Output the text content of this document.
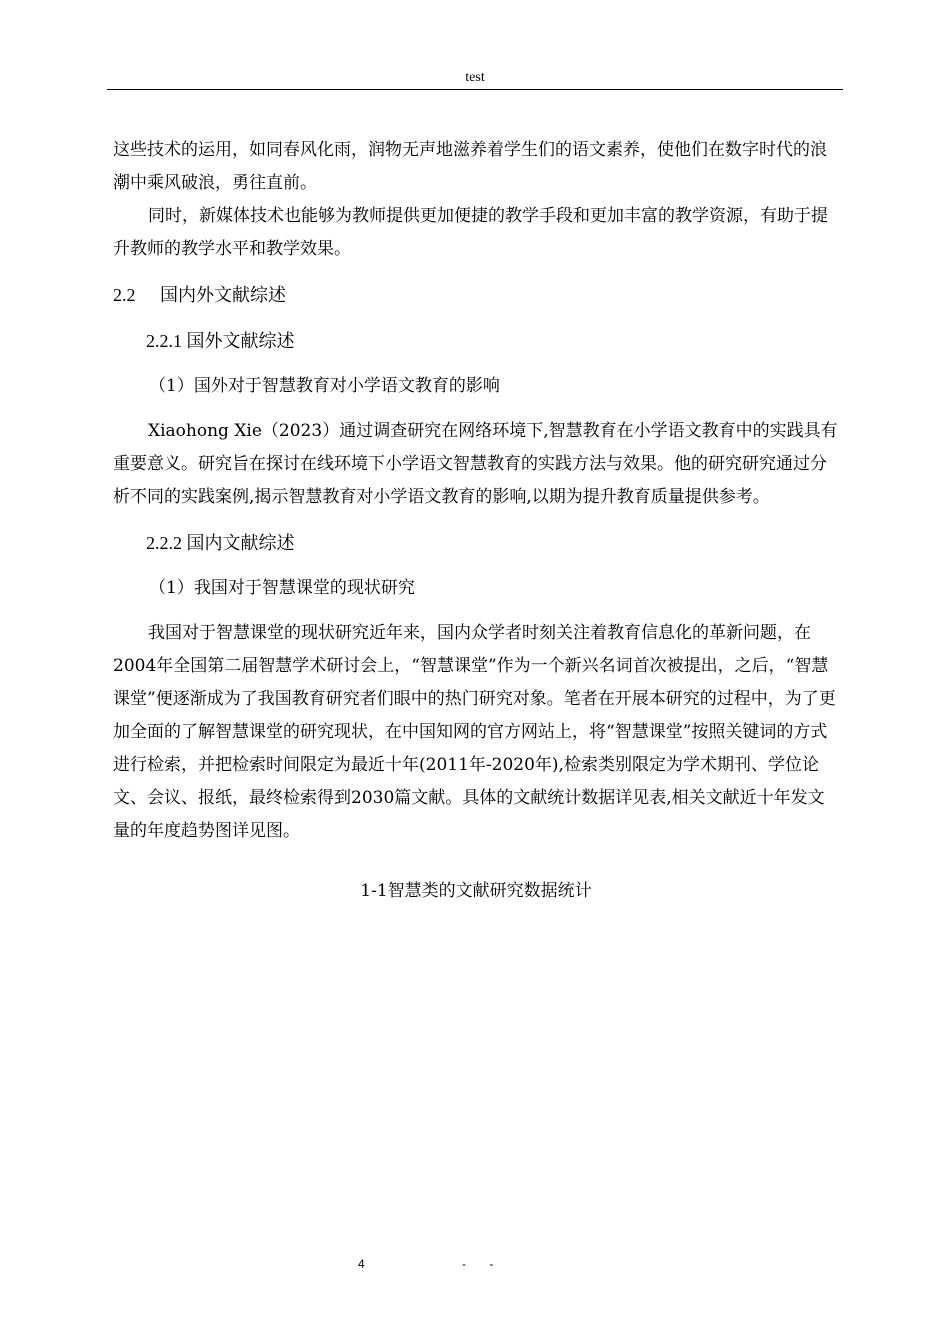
test

这些技术的运用，如同春风化雨，润物无声地滋养着学生们的语文素养，使他们在数字时代的浪潮中乘风破浪，勇往直前。

同时，新媒体技术也能够为教师提供更加便捷的教学手段和更加丰富的教学资源，有助于提升教师的教学水平和教学效果。

2.2 国内外文献综述

2.2.1 国外文献综述

（1）国外对于智慧教育对小学语文教育的影响

Xiaohong Xie（2023）通过调查研究在网络环境下,智慧教育在小学语文教育中的实践具有重要意义。研究旨在探讨在线环境下小学语文智慧教育的实践方法与效果。他的研究研究通过分析不同的实践案例,揭示智慧教育对小学语文教育的影响,以期为提升教育质量提供参考。

2.2.2 国内文献综述

（1）我国对于智慧课堂的现状研究

我国对于智慧课堂的现状研究近年来，国内众学者时刻关注着教育信息化的革新问题，在2004年全国第二届智慧学术研讨会上，“智慧课堂”作为一个新兴名词首次被提出，之后，“智慧课堂”便逐渐成为了我国教育研究者们眼中的热门研究对象。笔者在开展本研究的过程中，为了更加全面的了解智慧课堂的研究现状，在中国知网的官方网站上，将“智慧课堂”按照关键词的方式进行检索，并把检索时间限定为最近十年(2011年-2020年),检索类别限定为学术期刊、学位论文、会议、报纸，最终检索得到2030篇文献。具体的文献统计数据详见表,相关文献近十年发文量的年度趋势图详见图。

1-1智慧类的文献研究数据统计

4	- -
